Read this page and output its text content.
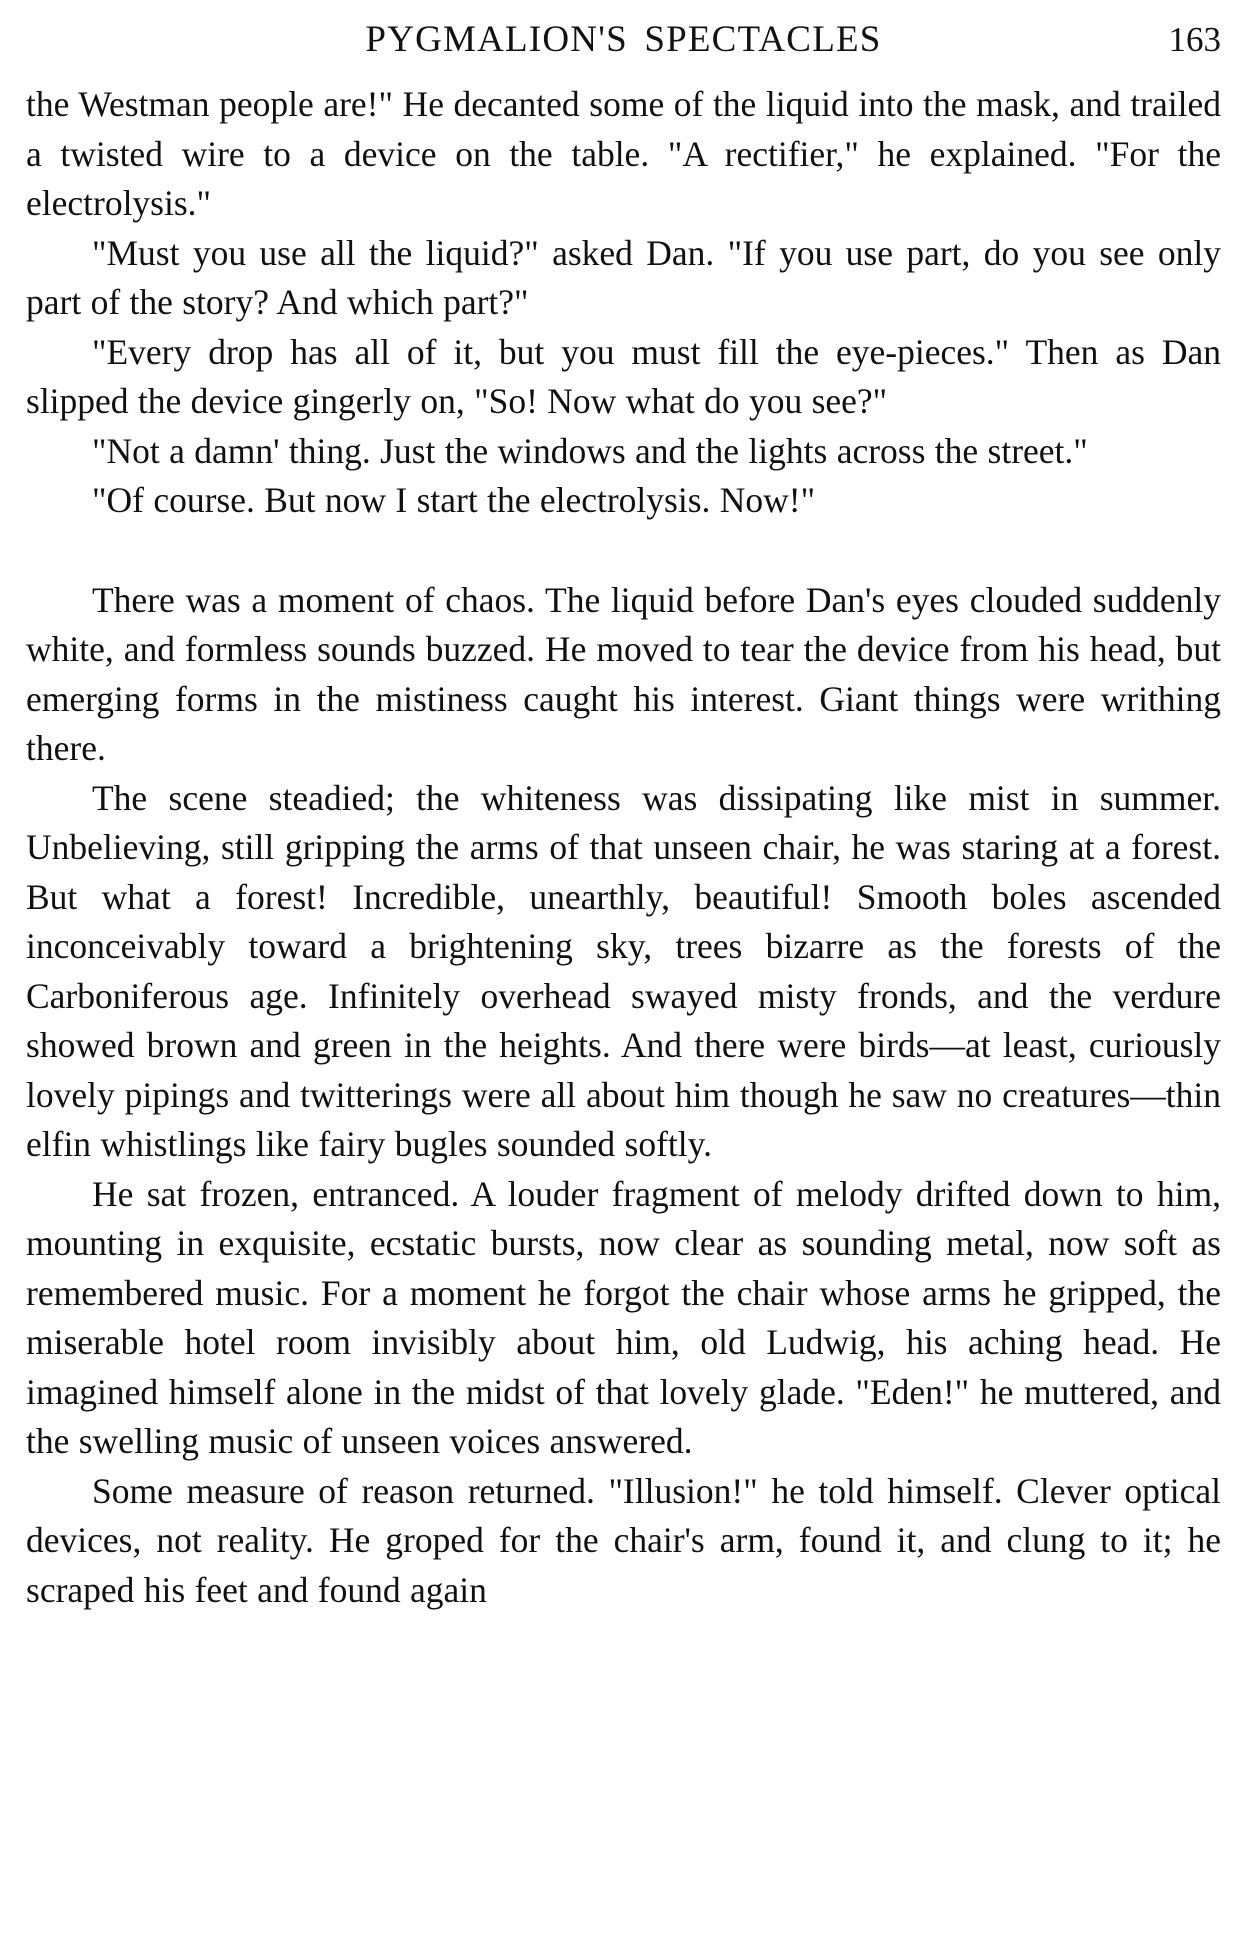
PYGMALION'S SPECTACLES	163

the Westman people are!" He decanted some of the liquid into the mask, and trailed a twisted wire to a device on the table. "A rectifier," he explained. "For the electrolysis."

"Must you use all the liquid?" asked Dan. "If you use part, do you see only part of the story? And which part?"

"Every drop has all of it, but you must fill the eye-pieces." Then as Dan slipped the device gingerly on, "So! Now what do you see?"

"Not a damn' thing. Just the windows and the lights across the street."

"Of course. But now I start the electrolysis. Now!"

There was a moment of chaos. The liquid before Dan's eyes clouded suddenly white, and formless sounds buzzed. He moved to tear the device from his head, but emerging forms in the mistiness caught his interest. Giant things were writhing there.

The scene steadied; the whiteness was dissipating like mist in summer. Unbelieving, still gripping the arms of that unseen chair, he was staring at a forest. But what a forest! Incredible, unearthly, beautiful! Smooth boles ascended inconceivably toward a brightening sky, trees bizarre as the forests of the Carboniferous age. Infinitely overhead swayed misty fronds, and the verdure showed brown and green in the heights. And there were birds—at least, curiously lovely pipings and twitterings were all about him though he saw no creatures—thin elfin whistlings like fairy bugles sounded softly.

He sat frozen, entranced. A louder fragment of melody drifted down to him, mounting in exquisite, ecstatic bursts, now clear as sounding metal, now soft as remembered music. For a moment he forgot the chair whose arms he gripped, the miserable hotel room invisibly about him, old Ludwig, his aching head. He imagined himself alone in the midst of that lovely glade. "Eden!" he muttered, and the swelling music of unseen voices answered.

Some measure of reason returned. "Illusion!" he told himself. Clever optical devices, not reality. He groped for the chair's arm, found it, and clung to it; he scraped his feet and found again
